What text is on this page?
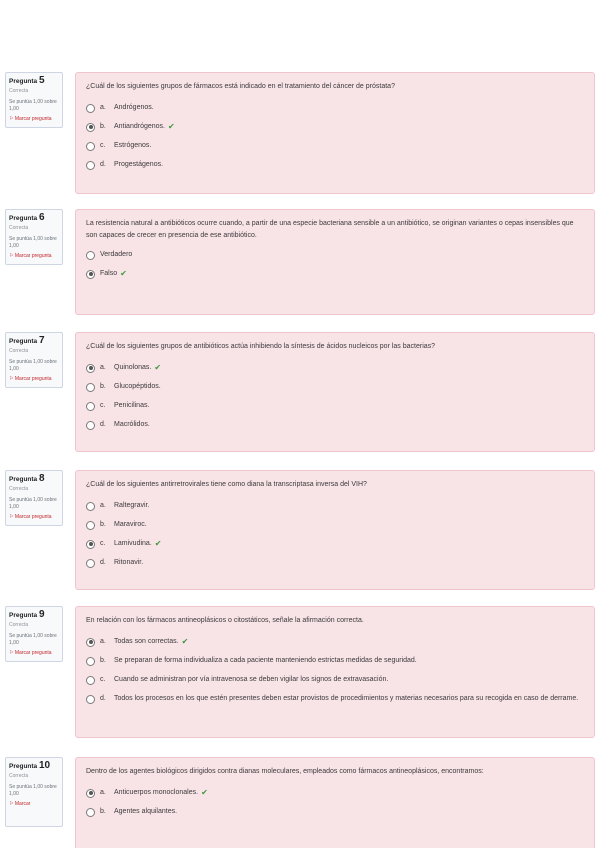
Pregunta 5
Correcta
Se puntúa 1,00 sobre 1,00
⚐ Marcar pregunta
¿Cuál de los siguientes grupos de fármacos está indicado en el tratamiento del cáncer de próstata?
a.	Andrógenos.
b.	Antiandrógenos. ✔
c.	Estrógenos.
d.	Progestágenos.
Pregunta 6
Correcta
Se puntúa 1,00 sobre 1,00
⚐ Marcar pregunta
La resistencia natural a antibióticos ocurre cuando, a partir de una especie bacteriana sensible a un antibiótico, se originan variantes o cepas insensibles que son capaces de crecer en presencia de ese antibiótico.
Verdadero
Falso ✔
Pregunta 7
Correcta
Se puntúa 1,00 sobre 1,00
⚐ Marcar pregunta
¿Cuál de los siguientes grupos de antibióticos actúa inhibiendo la síntesis de ácidos nucleicos por las bacterias?
a.	Quinolonas. ✔
b.	Glucopéptidos.
c.	Penicilinas.
d.	Macrólidos.
Pregunta 8
Correcta
Se puntúa 1,00 sobre 1,00
⚐ Marcar pregunta
¿Cuál de los siguientes antirretrovirales tiene como diana la transcriptasa inversa del VIH?
a.	Raltegravir.
b.	Maraviroc.
c.	Lamivudina. ✔
d.	Ritonavir.
Pregunta 9
Correcta
Se puntúa 1,00 sobre 1,00
⚐ Marcar pregunta
En relación con los fármacos antineoplásicos o citostáticos, señale la afirmación correcta.
a.	Todas son correctas. ✔
b.	Se preparan de forma individualiza a cada paciente manteniendo estrictas medidas de seguridad.
c.	Cuando se administran por vía intravenosa se deben vigilar los signos de extravasación.
d.	Todos los procesos en los que estén presentes deben estar provistos de procedimientos y materias necesarios para su recogida en caso de derrame.
Pregunta 10
Correcta
Se puntúa 1,00 sobre 1,00
⚐ Marcar
Dentro de los agentes biológicos dirigidos contra dianas moleculares, empleados como fármacos antineoplásicos, encontramos:
a.	Anticuerpos monoclonales. ✔
b.	Agentes alquilantes.
